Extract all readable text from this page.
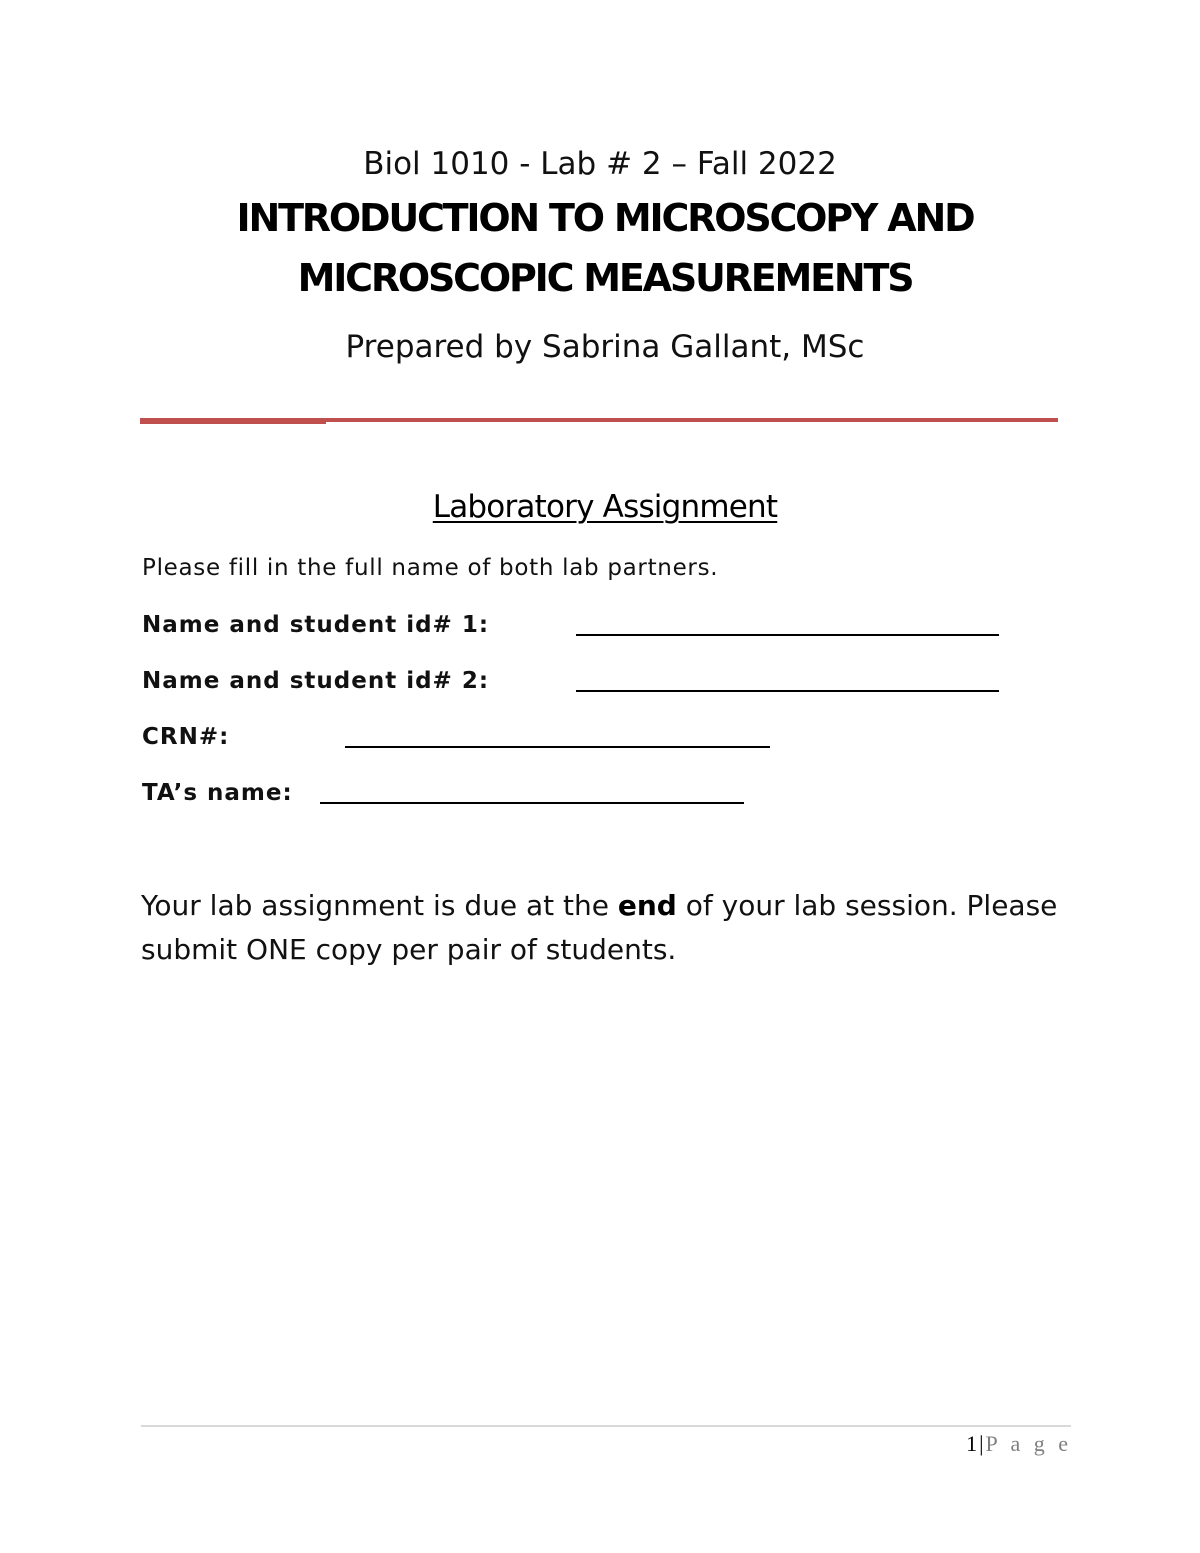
Biol 1010 - Lab # 2 – Fall 2022
INTRODUCTION TO MICROSCOPY AND
MICROSCOPIC MEASUREMENTS
Prepared by Sabrina Gallant, MSc
Laboratory Assignment
Please fill in the full name of both lab partners.
Name and student id# 1:
Name and student id# 2:
CRN#:
TA’s name:
Your lab assignment is due at the end of your lab session. Please submit ONE copy per pair of students.
1|P a g e
